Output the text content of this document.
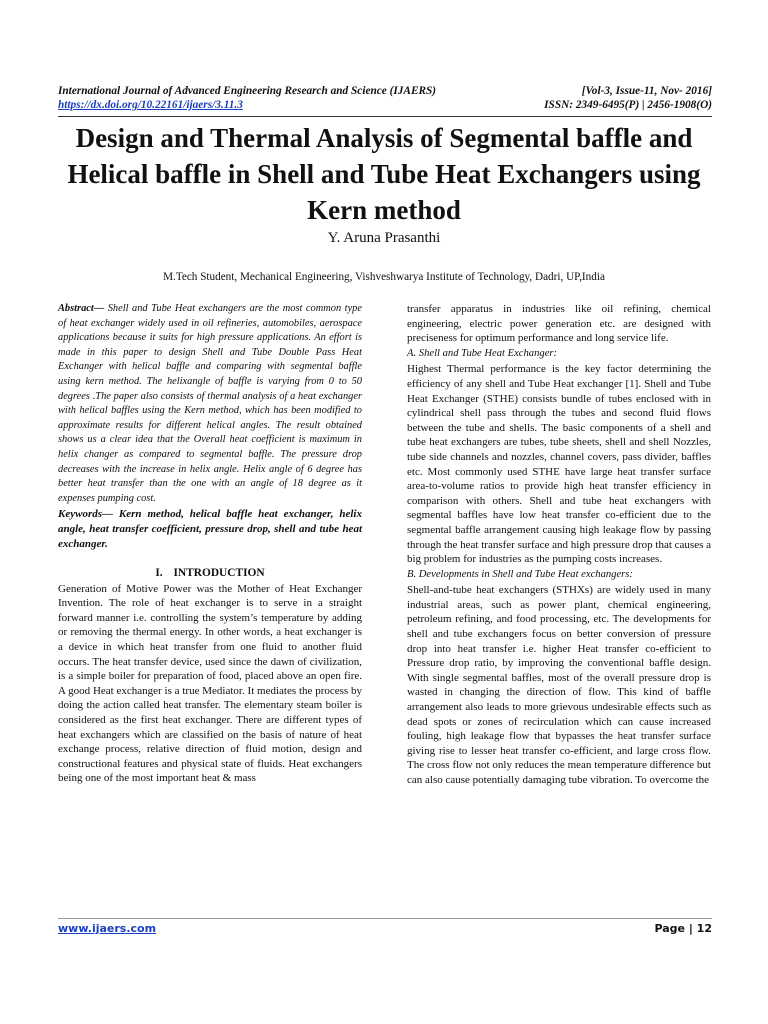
International Journal of Advanced Engineering Research and Science (IJAERS)	[Vol-3, Issue-11, Nov- 2016]
https://dx.doi.org/10.22161/ijaers/3.11.3	ISSN: 2349-6495(P) | 2456-1908(O)
Design and Thermal Analysis of Segmental baffle and Helical baffle in Shell and Tube Heat Exchangers using Kern method
Y. Aruna Prasanthi
M.Tech Student, Mechanical Engineering, Vishveshwarya Institute of Technology, Dadri, UP,India

Abstract— Shell and Tube Heat exchangers are the most common type of heat exchanger widely used in oil refineries, automobiles, aerospace applications because it suits for high pressure applications. An effort is made in this paper to design Shell and Tube Double Pass Heat Exchanger with helical baffle and comparing with segmental baffle using kern method. The helixangle of baffle is varying from 0 to 50 degrees .The paper also consists of thermal analysis of a heat exchanger with helical baffles using the Kern method, which has been modified to approximate results for different helical angles. The result obtained shows us a clear idea that the Overall heat coefficient is maximum in helix changer as compared to segmental baffle. The pressure drop decreases with the increase in helix angle. Helix angle of 6 degree has better heat transfer than the one with an angle of 18 degree as it expenses pumping cost.

Keywords— Kern method, helical baffle heat exchanger, helix angle, heat transfer coefficient, pressure drop, shell and tube heat exchanger.

I. INTRODUCTION

Generation of Motive Power was the Mother of Heat Exchanger Invention. The role of heat exchanger is to serve in a straight forward manner i.e. controlling the system’s temperature by adding or removing the thermal energy. In other words, a heat exchanger is a device in which heat transfer from one fluid to another fluid occurs. The heat transfer device, used since the dawn of civilization, is a simple boiler for preparation of food, placed above an open fire. A good Heat exchanger is a true Mediator. It mediates the process by doing the action called heat transfer. The elementary steam boiler is considered as the first heat exchanger. There are different types of heat exchangers which are classified on the basis of nature of heat exchange process, relative direction of fluid motion, design and constructional features and physical state of fluids. Heat exchangers being one of the most important heat & mass

transfer apparatus in industries like oil refining, chemical engineering, electric power generation etc. are designed with preciseness for optimum performance and long service life.

A. Shell and Tube Heat Exchanger:

Highest Thermal performance is the key factor determining the efficiency of any shell and Tube Heat exchanger [1]. Shell and Tube Heat Exchanger (STHE) consists bundle of tubes enclosed with in cylindrical shell pass through the tubes and second fluid flows between the tube and shells. The basic components of a shell and tube heat exchangers are tubes, tube sheets, shell and shell Nozzles, tube side channels and nozzles, channel covers, pass divider, baffles etc. Most commonly used STHE have large heat transfer surface area-to-volume ratios to provide high heat transfer efficiency in comparison with others. Shell and tube heat exchangers with segmental baffles have low heat transfer co-efficient due to the segmental baffle arrangement causing high leakage flow by passing through the heat transfer surface and high pressure drop that causes a big problem for industries as the pumping costs increases.

B. Developments in Shell and Tube Heat exchangers:

Shell-and-tube heat exchangers (STHXs) are widely used in many industrial areas, such as power plant, chemical engineering, petroleum refining, and food processing, etc. The developments for shell and tube exchangers focus on better conversion of pressure drop into heat transfer i.e. higher Heat transfer co-efficient to Pressure drop ratio, by improving the conventional baffle design. With single segmental baffles, most of the overall pressure drop is wasted in changing the direction of flow. This kind of baffle arrangement also leads to more grievous undesirable effects such as dead spots or zones of recirculation which can cause increased fouling, high leakage flow that bypasses the heat transfer surface giving rise to lesser heat transfer co-efficient, and large cross flow. The cross flow not only reduces the mean temperature difference but can also cause potentially damaging tube vibration. To overcome the

www.ijaers.com	Page | 12
